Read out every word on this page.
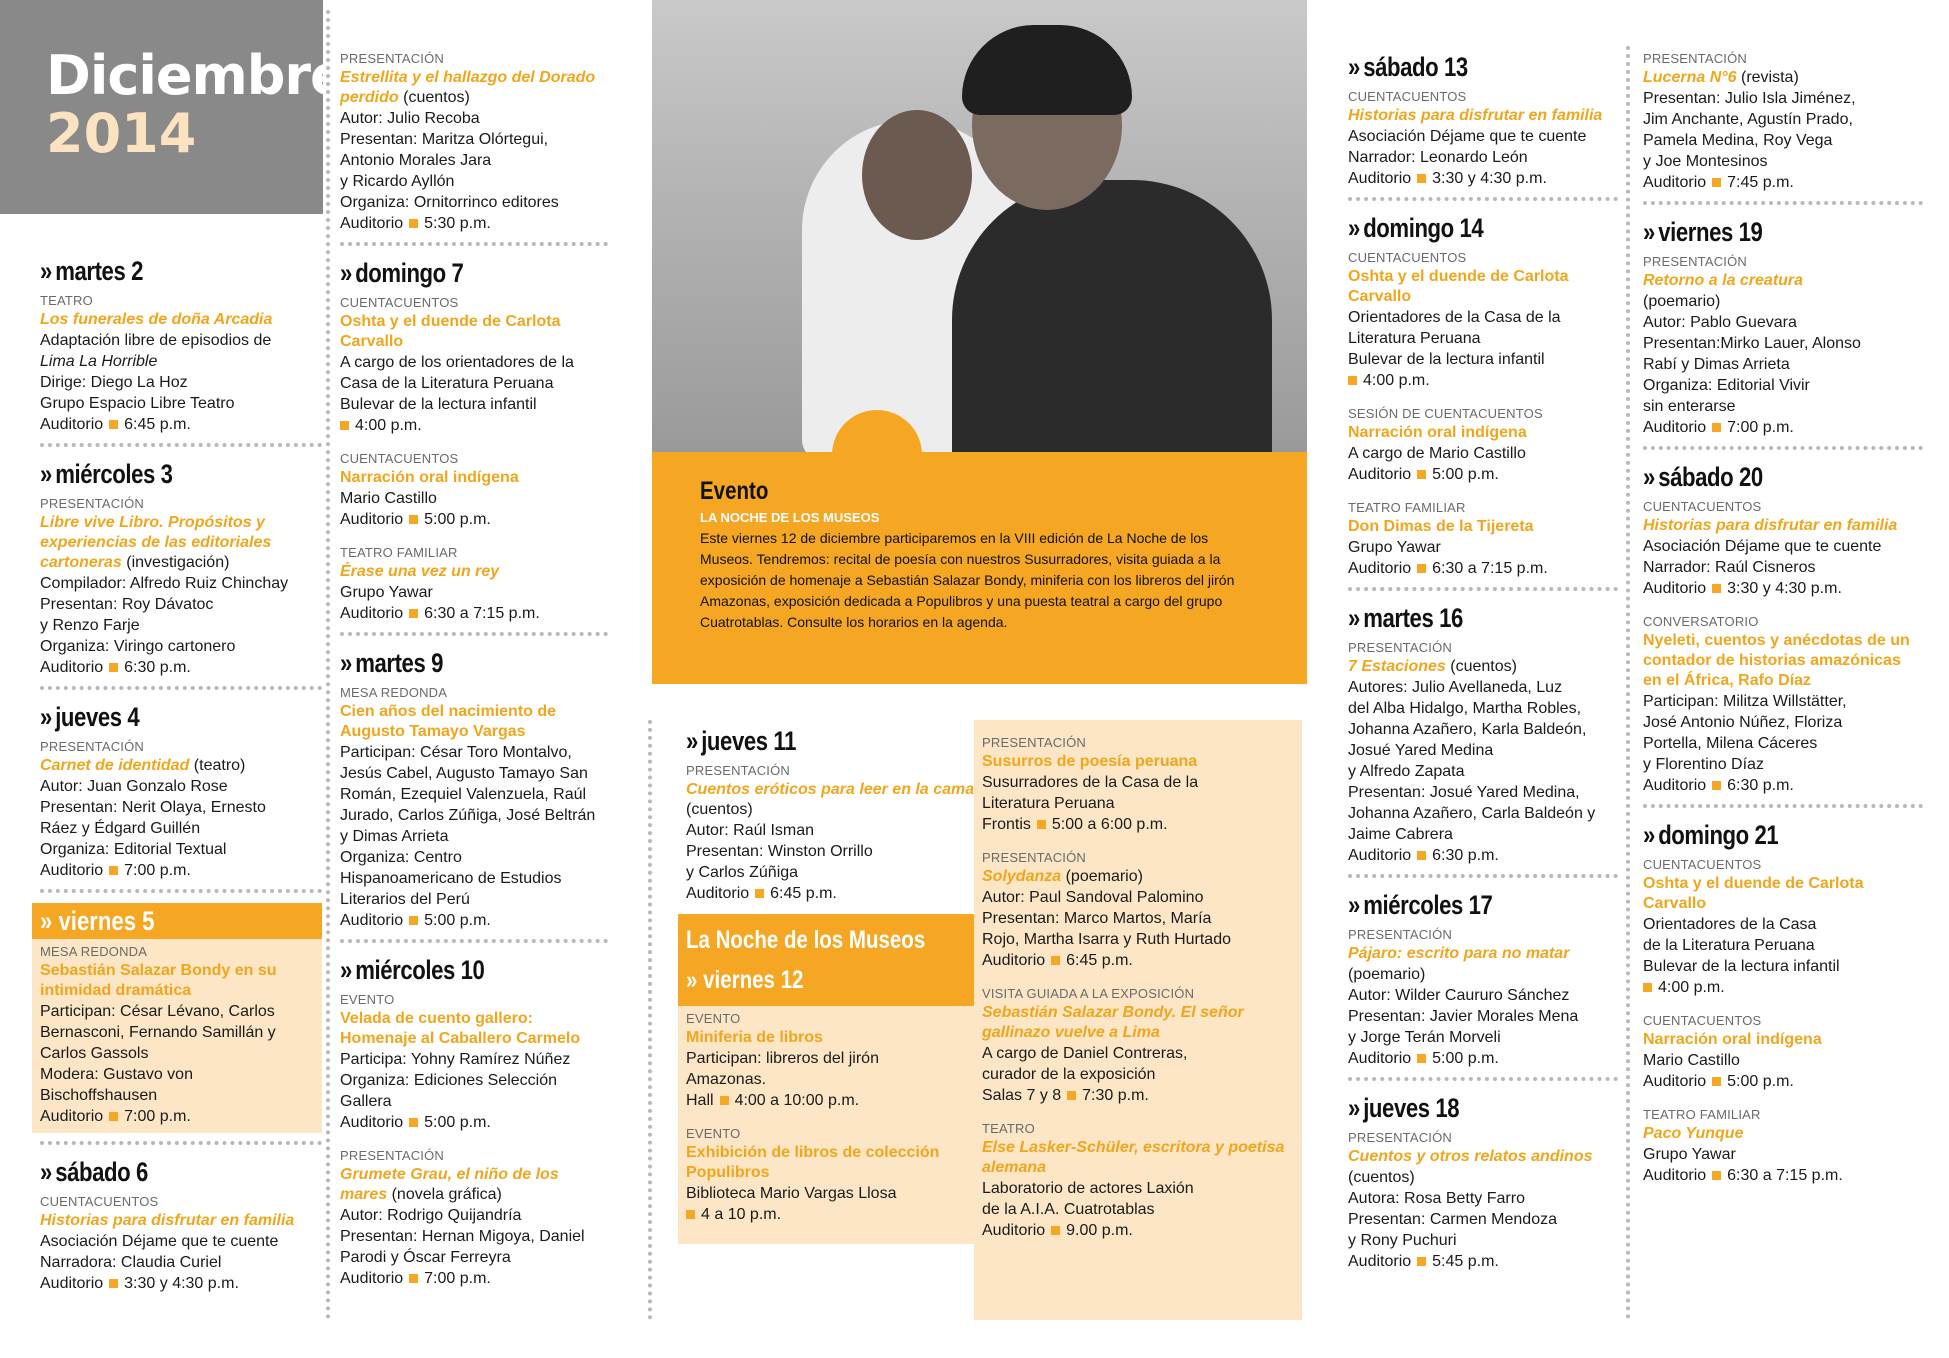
Diciembre
2014
Evento
LA NOCHE DE LOS MUSEOS
Este viernes 12 de diciembre participaremos en la VIII edición de La Noche de los Museos. Tendremos: recital de poesía con nuestros Susurradores, visita guiada a la exposición de homenaje a Sebastián Salazar Bondy, miniferia con los libreros del jirón Amazonas, exposición dedicada a Populibros y una puesta teatral a cargo del grupo Cuatrotablas. Consulte los horarios en la agenda.
» martes 2
TEATRO
Los funerales de doña Arcadia
Adaptación libre de episodios de
Lima La Horrible
Dirige: Diego La Hoz
Grupo Espacio Libre Teatro
Auditorio 6:45 p.m.
» miércoles 3
PRESENTACIÓN
Libre vive Libro. Propósitos y experiencias de las editoriales cartoneras (investigación)
Compilador: Alfredo Ruiz Chinchay
Presentan: Roy Dávatoc
y Renzo Farje
Organiza: Viringo cartonero
Auditorio 6:30 p.m.
» jueves 4
PRESENTACIÓN
Carnet de identidad (teatro)
Autor: Juan Gonzalo Rose
Presentan: Nerit Olaya, Ernesto
Ráez y Édgard Guillén
Organiza: Editorial Textual
Auditorio 7:00 p.m.
» viernes 5
MESA REDONDA
Sebastián Salazar Bondy en su intimidad dramática
Participan: César Lévano, Carlos
Bernasconi, Fernando Samillán y
Carlos Gassols
Modera: Gustavo von
Bischoffshausen
Auditorio 7:00 p.m.
» sábado 6
CUENTACUENTOS
Historias para disfrutar en familia
Asociación Déjame que te cuente
Narradora: Claudia Curiel
Auditorio 3:30 y 4:30 p.m.
PRESENTACIÓN
Estrellita y el hallazgo del Dorado perdido (cuentos)
Autor: Julio Recoba
Presentan: Maritza Olórtegui,
Antonio Morales Jara
y Ricardo Ayllón
Organiza: Ornitorrinco editores
Auditorio 5:30 p.m.
» domingo 7
CUENTACUENTOS
Oshta y el duende de Carlota Carvallo
A cargo de los orientadores de la
Casa de la Literatura Peruana
Bulevar de la lectura infantil
4:00 p.m.
CUENTACUENTOS
Narración oral indígena
Mario Castillo
Auditorio 5:00 p.m.
TEATRO FAMILIAR
Érase una vez un rey
Grupo Yawar
Auditorio 6:30 a 7:15 p.m.
» martes 9
MESA REDONDA
Cien años del nacimiento de Augusto Tamayo Vargas
Participan: César Toro Montalvo,
Jesús Cabel, Augusto Tamayo San
Román, Ezequiel Valenzuela, Raúl
Jurado, Carlos Zúñiga, José Beltrán
y Dimas Arrieta
Organiza: Centro
Hispanoamericano de Estudios
Literarios del Perú
Auditorio 5:00 p.m.
» miércoles 10
EVENTO
Velada de cuento gallero: Homenaje al Caballero Carmelo
Participa: Yohny Ramírez Núñez
Organiza: Ediciones Selección
Gallera
Auditorio 5:00 p.m.
PRESENTACIÓN
Grumete Grau, el niño de los mares (novela gráfica)
Autor: Rodrigo Quijandría
Presentan: Hernan Migoya, Daniel
Parodi y Óscar Ferreyra
Auditorio 7:00 p.m.
» jueves 11
PRESENTACIÓN
Cuentos eróticos para leer en la cama (cuentos)
Autor: Raúl Isman
Presentan: Winston Orrillo
y Carlos Zúñiga
Auditorio 6:45 p.m.
La Noche de los Museos
» viernes 12
EVENTO
Miniferia de libros
Participan: libreros del jirón
Amazonas.
Hall 4:00 a 10:00 p.m.
EVENTO
Exhibición de libros de colección Populibros
Biblioteca Mario Vargas Llosa
4 a 10 p.m.
PRESENTACIÓN
Susurros de poesía peruana
Susurradores de la Casa de la
Literatura Peruana
Frontis 5:00 a 6:00 p.m.
PRESENTACIÓN
Solydanza (poemario)
Autor: Paul Sandoval Palomino
Presentan: Marco Martos, María
Rojo, Martha Isarra y Ruth Hurtado
Auditorio 6:45 p.m.
VISITA GUIADA A LA EXPOSICIÓN
Sebastián Salazar Bondy. El señor gallinazo vuelve a Lima
A cargo de Daniel Contreras,
curador de la exposición
Salas 7 y 8 7:30 p.m.
TEATRO
Else Lasker-Schüler, escritora y poetisa alemana
Laboratorio de actores Laxión
de la A.I.A. Cuatrotablas
Auditorio 9.00 p.m.
» sábado 13
CUENTACUENTOS
Historias para disfrutar en familia
Asociación Déjame que te cuente
Narrador: Leonardo León
Auditorio 3:30 y 4:30 p.m.
» domingo 14
CUENTACUENTOS
Oshta y el duende de Carlota Carvallo
Orientadores de la Casa de la
Literatura Peruana
Bulevar de la lectura infantil
4:00 p.m.
SESIÓN DE CUENTACUENTOS
Narración oral indígena
A cargo de Mario Castillo
Auditorio 5:00 p.m.
TEATRO FAMILIAR
Don Dimas de la Tijereta
Grupo Yawar
Auditorio 6:30 a 7:15 p.m.
» martes 16
PRESENTACIÓN
7 Estaciones (cuentos)
Autores: Julio Avellaneda, Luz
del Alba Hidalgo, Martha Robles,
Johanna Azañero, Karla Baldeón,
Josué Yared Medina
y Alfredo Zapata
Presentan: Josué Yared Medina,
Johanna Azañero, Carla Baldeón y
Jaime Cabrera
Auditorio 6:30 p.m.
» miércoles 17
PRESENTACIÓN
Pájaro: escrito para no matar
(poemario)
Autor: Wilder Caururo Sánchez
Presentan: Javier Morales Mena
y Jorge Terán Morveli
Auditorio 5:00 p.m.
» jueves 18
PRESENTACIÓN
Cuentos y otros relatos andinos
(cuentos)
Autora: Rosa Betty Farro
Presentan: Carmen Mendoza
y Rony Puchuri
Auditorio 5:45 p.m.
PRESENTACIÓN
Lucerna N°6 (revista)
Presentan: Julio Isla Jiménez,
Jim Anchante, Agustín Prado,
Pamela Medina, Roy Vega
y Joe Montesinos
Auditorio 7:45 p.m.
» viernes 19
PRESENTACIÓN
Retorno a la creatura
(poemario)
Autor: Pablo Guevara
Presentan:Mirko Lauer, Alonso
Rabí y Dimas Arrieta
Organiza: Editorial Vivir
sin enterarse
Auditorio 7:00 p.m.
» sábado 20
CUENTACUENTOS
Historias para disfrutar en familia
Asociación Déjame que te cuente
Narrador: Raúl Cisneros
Auditorio 3:30 y 4:30 p.m.
CONVERSATORIO
Nyeleti, cuentos y anécdotas de un contador de historias amazónicas en el África, Rafo Díaz
Participan: Militza Willstätter,
José Antonio Núñez, Floriza
Portella, Milena Cáceres
y Florentino Díaz
Auditorio 6:30 p.m.
» domingo 21
CUENTACUENTOS
Oshta y el duende de Carlota Carvallo
Orientadores de la Casa
de la Literatura Peruana
Bulevar de la lectura infantil
4:00 p.m.
CUENTACUENTOS
Narración oral indígena
Mario Castillo
Auditorio 5:00 p.m.
TEATRO FAMILIAR
Paco Yunque
Grupo Yawar
Auditorio 6:30 a 7:15 p.m.
